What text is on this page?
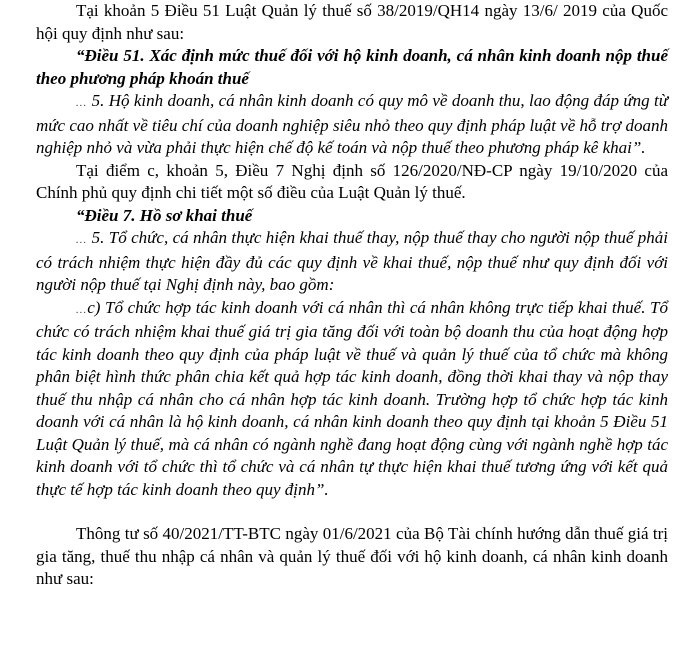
Tại khoản 5 Điều 51 Luật Quản lý thuế số 38/2019/QH14 ngày 13/6/ 2019 của Quốc hội quy định như sau:

“Điều 51. Xác định mức thuế đối với hộ kinh doanh, cá nhân kinh doanh nộp thuế theo phương pháp khoán thuế

... 5. Hộ kinh doanh, cá nhân kinh doanh có quy mô về doanh thu, lao động đáp ứng từ mức cao nhất về tiêu chí của doanh nghiệp siêu nhỏ theo quy định pháp luật về hỗ trợ doanh nghiệp nhỏ và vừa phải thực hiện chế độ kế toán và nộp thuế theo phương pháp kê khai”.

Tại điểm c, khoản 5, Điều 7 Nghị định số 126/2020/NĐ-CP ngày 19/10/2020 của Chính phủ quy định chi tiết một số điều của Luật Quản lý thuế.

“Điều 7. Hồ sơ khai thuế

... 5. Tổ chức, cá nhân thực hiện khai thuế thay, nộp thuế thay cho người nộp thuế phải có trách nhiệm thực hiện đầy đủ các quy định về khai thuế, nộp thuế như quy định đối với người nộp thuế tại Nghị định này, bao gồm:

...c) Tổ chức hợp tác kinh doanh với cá nhân thì cá nhân không trực tiếp khai thuế. Tổ chức có trách nhiệm khai thuế giá trị gia tăng đối với toàn bộ doanh thu của hoạt động hợp tác kinh doanh theo quy định của pháp luật về thuế và quản lý thuế của tổ chức mà không phân biệt hình thức phân chia kết quả hợp tác kinh doanh, đồng thời khai thay và nộp thay thuế thu nhập cá nhân cho cá nhân hợp tác kinh doanh. Trường hợp tổ chức hợp tác kinh doanh với cá nhân là hộ kinh doanh, cá nhân kinh doanh theo quy định tại khoản 5 Điều 51 Luật Quản lý thuế, mà cá nhân có ngành nghề đang hoạt động cùng với ngành nghề hợp tác kinh doanh với tổ chức thì tổ chức và cá nhân tự thực hiện khai thuế tương ứng với kết quả thực tế hợp tác kinh doanh theo quy định”.

Thông tư số 40/2021/TT-BTC ngày 01/6/2021 của Bộ Tài chính hướng dẫn thuế giá trị gia tăng, thuế thu nhập cá nhân và quản lý thuế đối với hộ kinh doanh, cá nhân kinh doanh như sau:
